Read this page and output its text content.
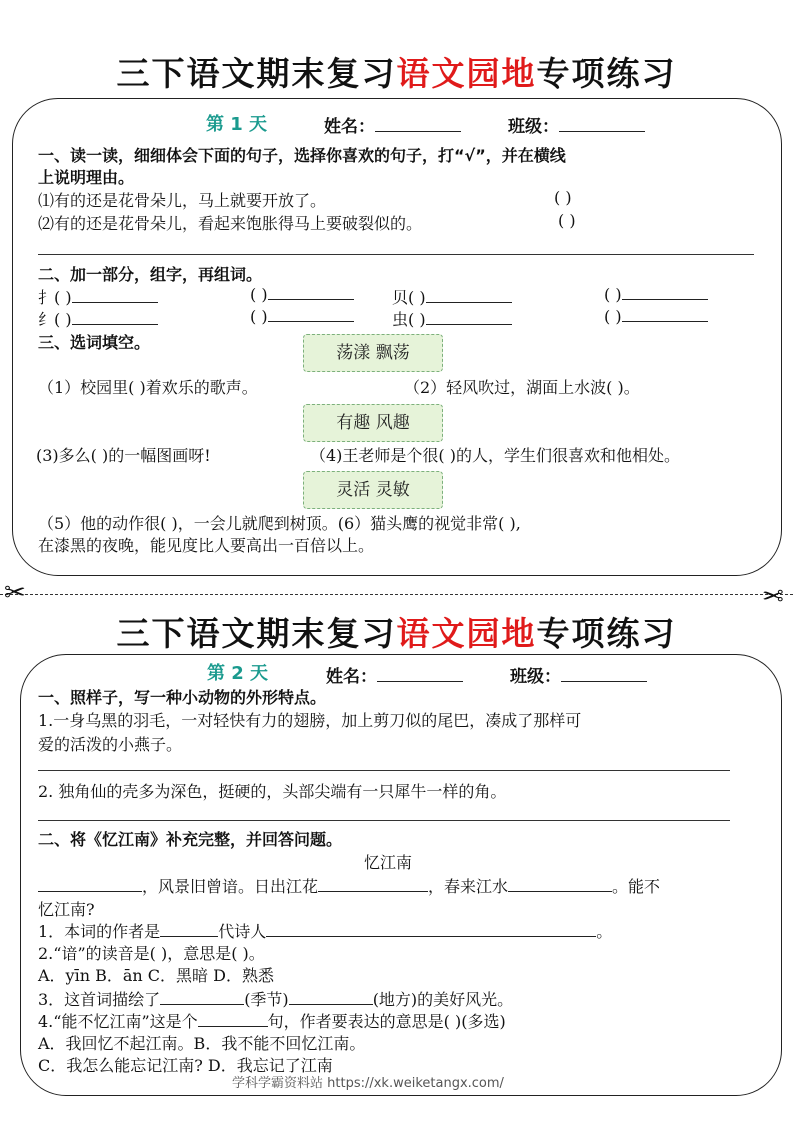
三下语文期末复习语文园地专项练习
第 1 天	姓名：	班级：
一、读一读，细细体会下面的句子，选择你喜欢的句子，打“√”，并在横线
上说明理由。
⑴有的还是花骨朵儿，马上就要开放了。	( )
⑵有的还是花骨朵儿，看起来饱胀得马上要破裂似的。	( )
二、加一部分，组字，再组词。
扌( )	( )	贝( )	( )
纟( )	( )	虫( )	( )
三、选词填空。
荡漾 飘荡
（1）校园里( )着欢乐的歌声。	（2）轻风吹过，湖面上水波( )。
有趣 风趣
(3)多么( )的一幅图画呀!	（4)王老师是个很( )的人，学生们很喜欢和他相处。
灵活 灵敏
（5）他的动作很( )，一会儿就爬到树顶。(6）猫头鹰的视觉非常( ),
在漆黑的夜晚，能见度比人要高出一百倍以上。
✂	✂
三下语文期末复习语文园地专项练习
第 2 天	姓名：	班级：
一、照样子，写一种小动物的外形特点。
1.一身乌黑的羽毛，一对轻快有力的翅膀，加上剪刀似的尾巴，凑成了那样可
爱的活泼的小燕子。
2. 独角仙的壳多为深色，挺硬的，头部尖端有一只犀牛一样的角。
二、将《忆江南》补充完整，并回答问题。
忆江南
，风景旧曾谙。日出江花	，春来江水	。能不
忆江南?
1．本词的作者是	代诗人	。
2.“谙”的读音是( )，意思是( )。
A．yīn B．ān C．黑暗 D．熟悉
3．这首词描绘了	(季节)	(地方)的美好风光。
4.“能不忆江南”这是个	句，作者要表达的意思是( )(多选)
A．我回忆不起江南。B．我不能不回忆江南。
C．我怎么能忘记江南? D．我忘记了江南
学科学霸资料站 https://xk.weiketangx.com/
